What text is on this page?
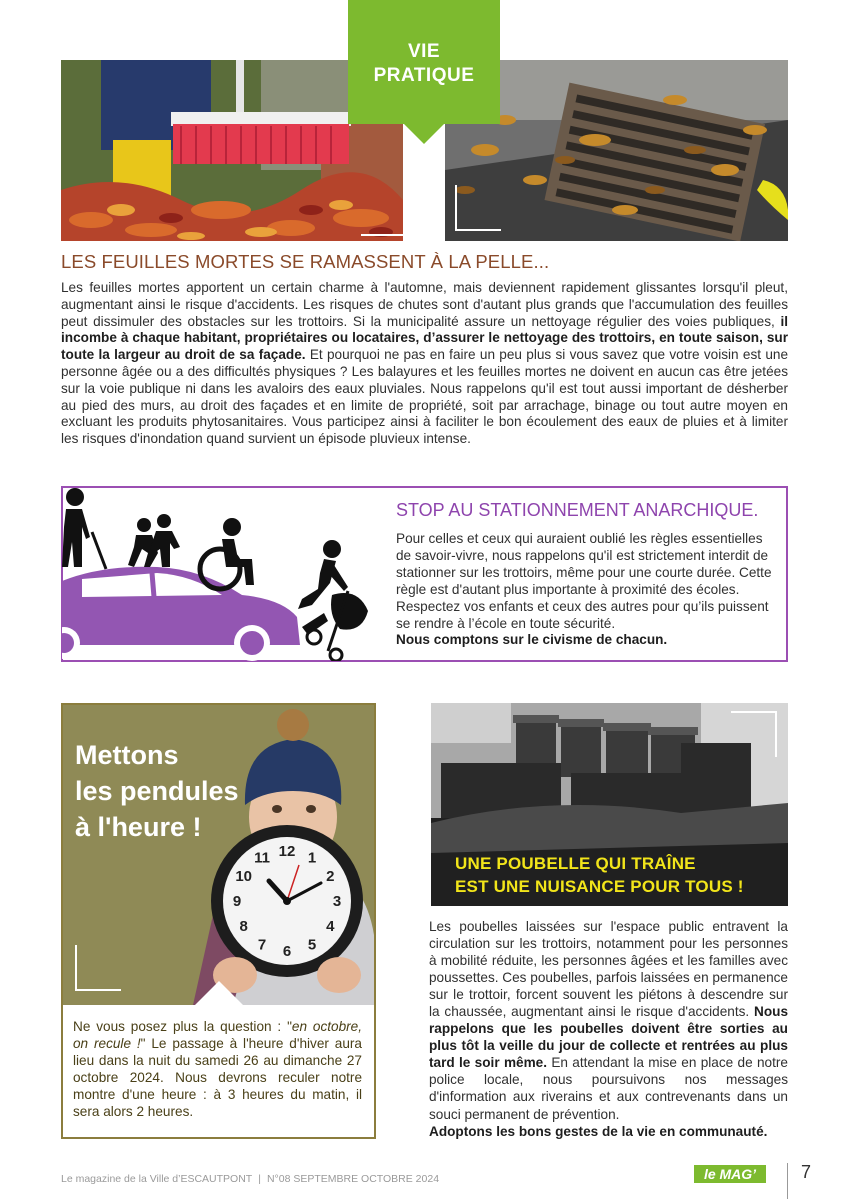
VIE
PRATIQUE
LES FEUILLES MORTES SE RAMASSENT À LA PELLE...
Les feuilles mortes apportent un certain charme à l'automne, mais deviennent rapidement glissantes lorsqu'il pleut, augmentant ainsi le risque d'accidents. Les risques de chutes sont d'autant plus grands que l'accumulation des feuilles peut dissimuler des obstacles sur les trottoirs. Si la municipalité assure un nettoyage régulier des voies publiques, il incombe à chaque habitant, propriétaires ou locataires, d’assurer le nettoyage des trottoirs, en toute saison, sur toute la largeur au droit de sa façade. Et pourquoi ne pas en faire un peu plus si vous savez que votre voisin est une personne âgée ou a des difficultés physiques ? Les balayures et les feuilles mortes ne doivent en aucun cas être jetées sur la voie publique ni dans les avaloirs des eaux pluviales. Nous rappelons qu'il est tout aussi important de désherber au pied des murs, au droit des façades et en limite de propriété, soit par arrachage, binage ou tout autre moyen en excluant les produits phytosanitaires. Vous participez ainsi à faciliter le bon écoulement des eaux de pluies et à limiter les risques d'inondation quand survient un épisode pluvieux intense.
STOP AU STATIONNEMENT ANARCHIQUE.
Pour celles et ceux qui auraient oublié les règles essentielles de savoir-vivre, nous rappelons qu'il est strictement interdit de stationner sur les trottoirs, même pour une courte durée. Cette règle est d'autant plus importante à proximité des écoles. Respectez vos enfants et ceux des autres pour qu’ils puissent se rendre à l’école en toute sécurité.
Nous comptons sur le civisme de chacun.
12 1
2
3
4
5
6
7
8
9
10
11
Mettons
les pendules
à l'heure !
Ne vous posez plus la question : "en octobre, on recule !" Le passage à l'heure d'hiver aura lieu dans la nuit du samedi 26 au dimanche 27 octobre 2024. Nous devrons reculer notre montre d'une heure : à 3 heures du matin, il sera alors 2 heures.
UNE POUBELLE QUI TRAÎNE
EST UNE NUISANCE POUR TOUS !
Les poubelles laissées sur l'espace public entravent la circulation sur les trottoirs, notamment pour les personnes à mobilité réduite, les personnes âgées et les familles avec poussettes. Ces poubelles, parfois laissées en permanence sur le trottoir, forcent souvent les piétons à descendre sur la chaussée, augmentant ainsi le risque d'accidents. Nous rappelons que les poubelles doivent être sorties au plus tôt la veille du jour de collecte et rentrées au plus tard le soir même. En attendant la mise en place de notre police locale, nous poursuivons nos messages d'information aux riverains et aux contrevenants dans un souci permanent de prévention.
Adoptons les bons gestes de la vie en communauté.
Le magazine de la Ville d’ESCAUTPONT | N°08 SEPTEMBRE OCTOBRE 2024	le MAG’	7
